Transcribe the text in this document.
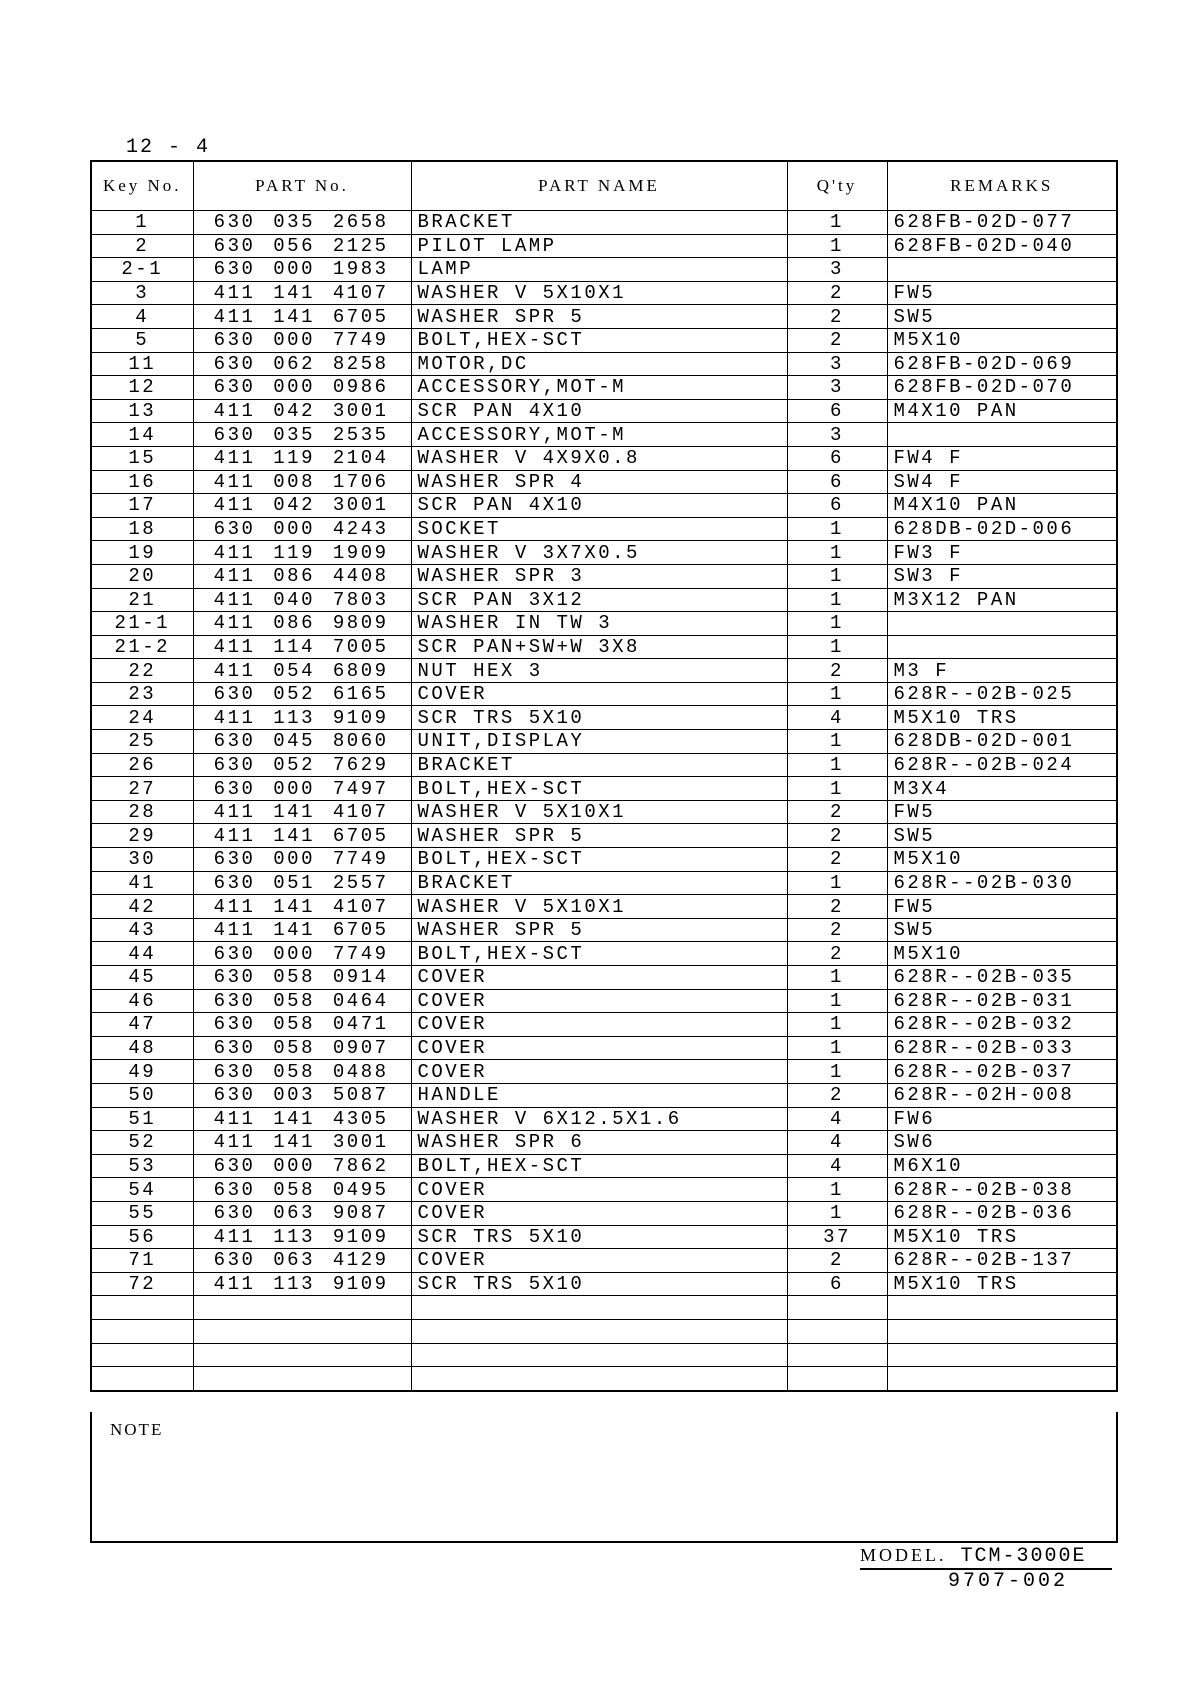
12 - 4
Key No.	PART No.	PART NAME	Q'ty	REMARKS
1	630 035 2658	BRACKET	1	628FB-02D-077
2	630 056 2125	PILOT LAMP	1	628FB-02D-040
2-1	630 000 1983	LAMP	3	
3	411 141 4107	WASHER V 5X10X1	2	FW5
4	411 141 6705	WASHER SPR 5	2	SW5
5	630 000 7749	BOLT,HEX-SCT	2	M5X10
11	630 062 8258	MOTOR,DC	3	628FB-02D-069
12	630 000 0986	ACCESSORY,MOT-M	3	628FB-02D-070
13	411 042 3001	SCR PAN 4X10	6	M4X10 PAN
14	630 035 2535	ACCESSORY,MOT-M	3	
15	411 119 2104	WASHER V 4X9X0.8	6	FW4 F
16	411 008 1706	WASHER SPR 4	6	SW4 F
17	411 042 3001	SCR PAN 4X10	6	M4X10 PAN
18	630 000 4243	SOCKET	1	628DB-02D-006
19	411 119 1909	WASHER V 3X7X0.5	1	FW3 F
20	411 086 4408	WASHER SPR 3	1	SW3 F
21	411 040 7803	SCR PAN 3X12	1	M3X12 PAN
21-1	411 086 9809	WASHER IN TW 3	1	
21-2	411 114 7005	SCR PAN+SW+W 3X8	1	
22	411 054 6809	NUT HEX 3	2	M3 F
23	630 052 6165	COVER	1	628R--02B-025
24	411 113 9109	SCR TRS 5X10	4	M5X10 TRS
25	630 045 8060	UNIT,DISPLAY	1	628DB-02D-001
26	630 052 7629	BRACKET	1	628R--02B-024
27	630 000 7497	BOLT,HEX-SCT	1	M3X4
28	411 141 4107	WASHER V 5X10X1	2	FW5
29	411 141 6705	WASHER SPR 5	2	SW5
30	630 000 7749	BOLT,HEX-SCT	2	M5X10
41	630 051 2557	BRACKET	1	628R--02B-030
42	411 141 4107	WASHER V 5X10X1	2	FW5
43	411 141 6705	WASHER SPR 5	2	SW5
44	630 000 7749	BOLT,HEX-SCT	2	M5X10
45	630 058 0914	COVER	1	628R--02B-035
46	630 058 0464	COVER	1	628R--02B-031
47	630 058 0471	COVER	1	628R--02B-032
48	630 058 0907	COVER	1	628R--02B-033
49	630 058 0488	COVER	1	628R--02B-037
50	630 003 5087	HANDLE	2	628R--02H-008
51	411 141 4305	WASHER V 6X12.5X1.6	4	FW6
52	411 141 3001	WASHER SPR 6	4	SW6
53	630 000 7862	BOLT,HEX-SCT	4	M6X10
54	630 058 0495	COVER	1	628R--02B-038
55	630 063 9087	COVER	1	628R--02B-036
56	411 113 9109	SCR TRS 5X10	37	M5X10 TRS
71	630 063 4129	COVER	2	628R--02B-137
72	411 113 9109	SCR TRS 5X10	6	M5X10 TRS

NOTE
MODEL. TCM-3000E
9707-002
